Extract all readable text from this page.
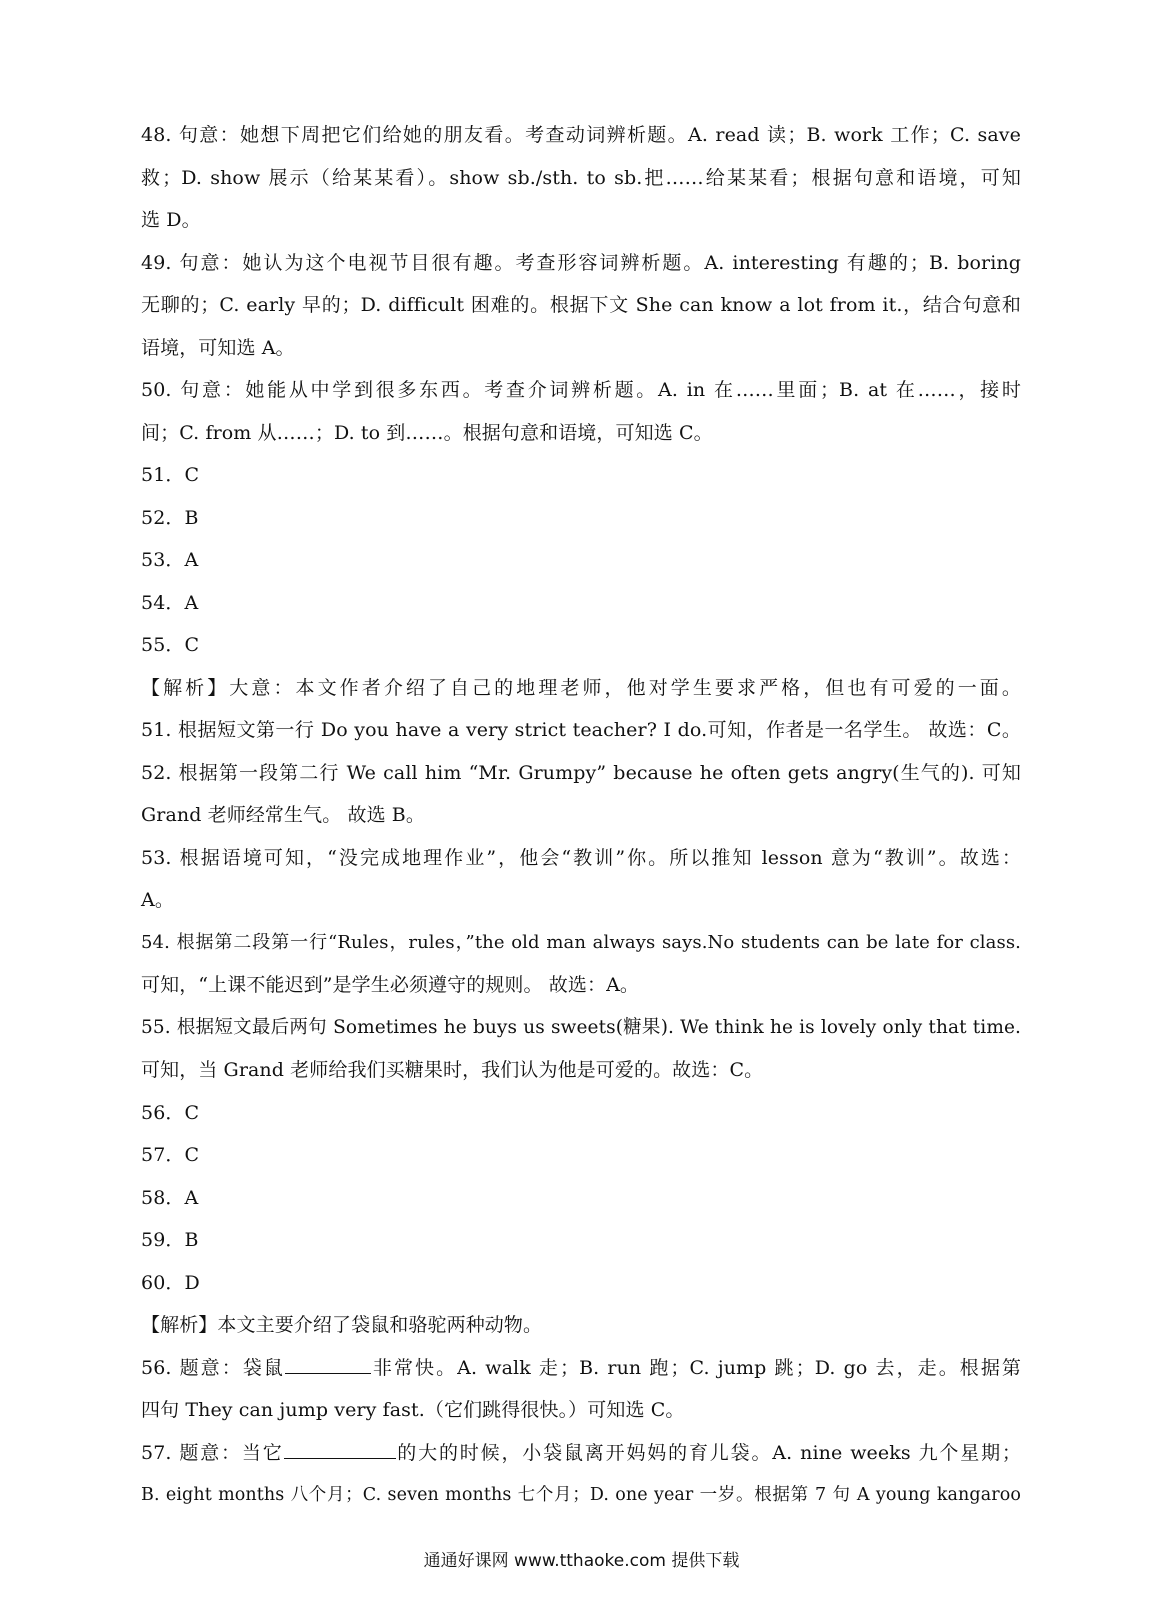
48. 句意：她想下周把它们给她的朋友看。考查动词辨析题。A. read 读；B. work 工作；C. save
救；D. show 展示（给某某看）。show sb./sth. to sb.把……给某某看；根据句意和语境，可知
选 D。
49. 句意：她认为这个电视节目很有趣。考查形容词辨析题。A. interesting 有趣的；B. boring
无聊的；C. early 早的；D. difficult 困难的。根据下文 She can know a lot from it.，结合句意和
语境，可知选 A。
50. 句意：她能从中学到很多东西。考查介词辨析题。A. in 在……里面；B. at 在……，接时
间；C. from 从……；D. to 到……。根据句意和语境，可知选 C。
51．C
52．B
53．A
54．A
55．C
【解析】大意：本文作者介绍了自己的地理老师，他对学生要求严格，但也有可爱的一面。
51. 根据短文第一行 Do you have a very strict teacher? I do.可知，作者是一名学生。 故选：C。
52. 根据第一段第二行 We call him “Mr. Grumpy” because he often gets angry(生气的). 可知
Grand 老师经常生气。 故选 B。
53. 根据语境可知，“没完成地理作业”，他会“教训”你。所以推知 lesson 意为“教训”。故选：
A。
54. 根据第二段第一行“Rules，rules，”the old man always says.No students can be late for class.
可知，“上课不能迟到”是学生必须遵守的规则。 故选：A。
55. 根据短文最后两句 Sometimes he buys us sweets(糖果). We think he is lovely only that time.
可知，当 Grand 老师给我们买糖果时，我们认为他是可爱的。故选：C。
56．C
57．C
58．A
59．B
60．D
【解析】本文主要介绍了袋鼠和骆驼两种动物。
56. 题意：袋鼠	非常快。A. walk 走；B. run 跑；C. jump 跳；D. go 去，走。根据第
四句 They can jump very fast.（它们跳得很快。）可知选 C。
57. 题意：当它	的大的时候，小袋鼠离开妈妈的育儿袋。A. nine weeks 九个星期；
B. eight months 八个月；C. seven months 七个月；D. one year 一岁。根据第 7 句 A young kangaroo
通通好课网 www.tthaoke.com 提供下载
